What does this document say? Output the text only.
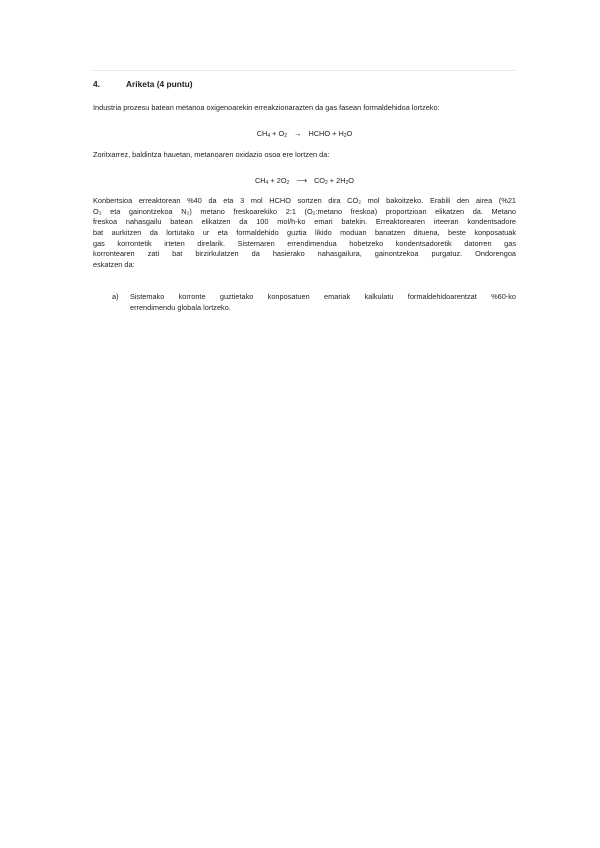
4.	Ariketa (4 puntu)
Industria prozesu batean metanoa oxigenoarekin erreakzionarazten da gas fasean formaldehidoa lortzeko:
$CH_4 + O_2$ → HCHO + $H_2O$
Zoritxarrez, baldintza hauetan, metanoaren oxidazio osoa ere lortzen da:
$CH_4 + 2O_2$ ⟶ $CO_2 + 2H_2O$
Konbertsioa erreaktorean %40 da eta 3 mol HCHO sortzen dira CO₂ mol bakoitzeko. Erabili den airea (%21
O₂ eta gainontzekoa N₂) metano freskoarekiko 2:1 (O₂:metano freskoa) proportzioan elikatzen da. Metano
freskoa nahasgailu batean elikatzen da 100 mol/h-ko emari batekin. Erreaktorearen irteeran kondentsadore
bat aurkitzen da lortutako ur eta formaldehido guztia likido moduan banatzen dituena, beste konposatuak
gas korrontetik irteten direlarik. Sistemaren errendimendua hobetzeko kondentsadoretik datorren gas
korrontearen zati bat birzirkulatzen da hasierako nahasgailura, gainontzekoa purgatuz. Ondorengoa
eskatzen da:
a) Sistemako korronte guztietako konposatuen emariak kalkulatu formaldehidoarentzat %60-ko
errendimendu globala lortzeko.
